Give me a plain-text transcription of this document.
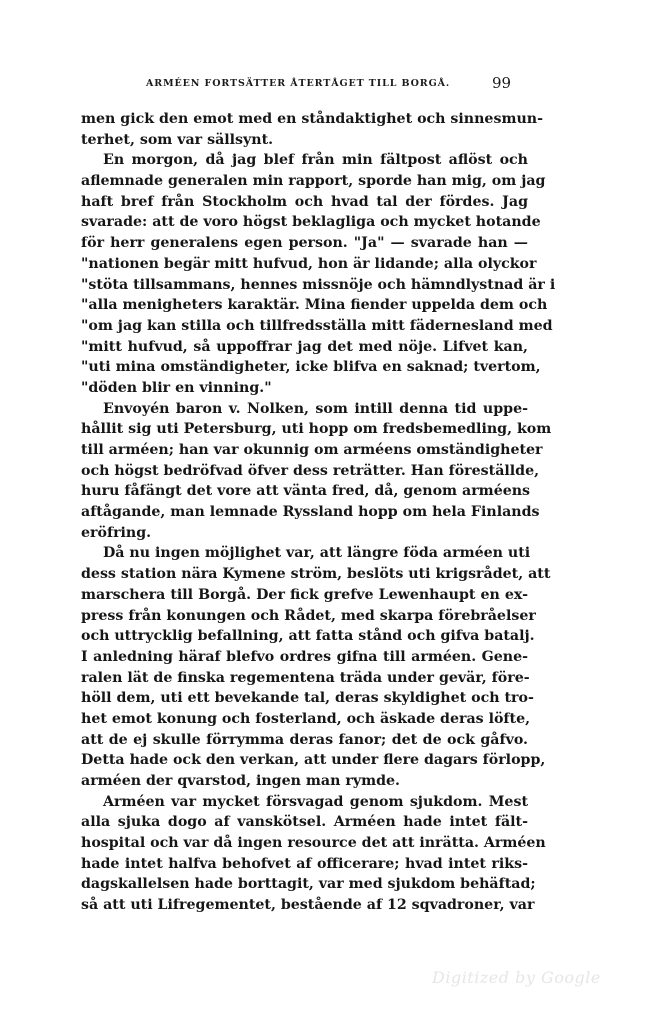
ARMÉEN FORTSÄTTER ÅTERTÅGET TILL BORGÅ.	99
men gick den emot med en ståndaktighet och sinnesmun-
terhet, som var sällsynt.
En morgon, då jag blef från min fältpost aflöst och
aflemnade generalen min rapport, sporde han mig, om jag
haft bref från Stockholm och hvad tal der fördes. Jag
svarade: att de voro högst beklagliga och mycket hotande
för herr generalens egen person. "Ja" — svarade han —
"nationen begär mitt hufvud, hon är lidande; alla olyckor
"stöta tillsammans, hennes missnöje och hämndlystnad är i
"alla menigheters karaktär. Mina fiender uppelda dem och
"om jag kan stilla och tillfredsställa mitt fädernesland med
"mitt hufvud, så uppoffrar jag det med nöje. Lifvet kan,
"uti mina omständigheter, icke blifva en saknad; tvertom,
"döden blir en vinning."
Envoyén baron v. Nolken, som intill denna tid uppe-
hållit sig uti Petersburg, uti hopp om fredsbemedling, kom
till arméen; han var okunnig om arméens omständigheter
och högst bedröfvad öfver dess reträtter. Han föreställde,
huru fåfängt det vore att vänta fred, då, genom arméens
aftågande, man lemnade Ryssland hopp om hela Finlands
eröfring.
Då nu ingen möjlighet var, att längre föda arméen uti
dess station nära Kymene ström, beslöts uti krigsrådet, att
marschera till Borgå. Der fick grefve Lewenhaupt en ex-
press från konungen och Rådet, med skarpa förebråelser
och uttrycklig befallning, att fatta stånd och gifva batalj.
I anledning häraf blefvo ordres gifna till arméen. Gene-
ralen lät de finska regementena träda under gevär, före-
höll dem, uti ett bevekande tal, deras skyldighet och tro-
het emot konung och fosterland, och äskade deras löfte,
att de ej skulle förrymma deras fanor; det de ock gåfvo.
Detta hade ock den verkan, att under flere dagars förlopp,
arméen der qvarstod, ingen man rymde.
Arméen var mycket försvagad genom sjukdom. Mest
alla sjuka dogo af vanskötsel. Arméen hade intet fält-
hospital och var då ingen resource det att inrätta. Arméen
hade intet halfva behofvet af officerare; hvad intet riks-
dagskallelsen hade borttagit, var med sjukdom behäftad;
så att uti Lifregementet, bestående af 12 sqvadroner, var
Digitized by Google
